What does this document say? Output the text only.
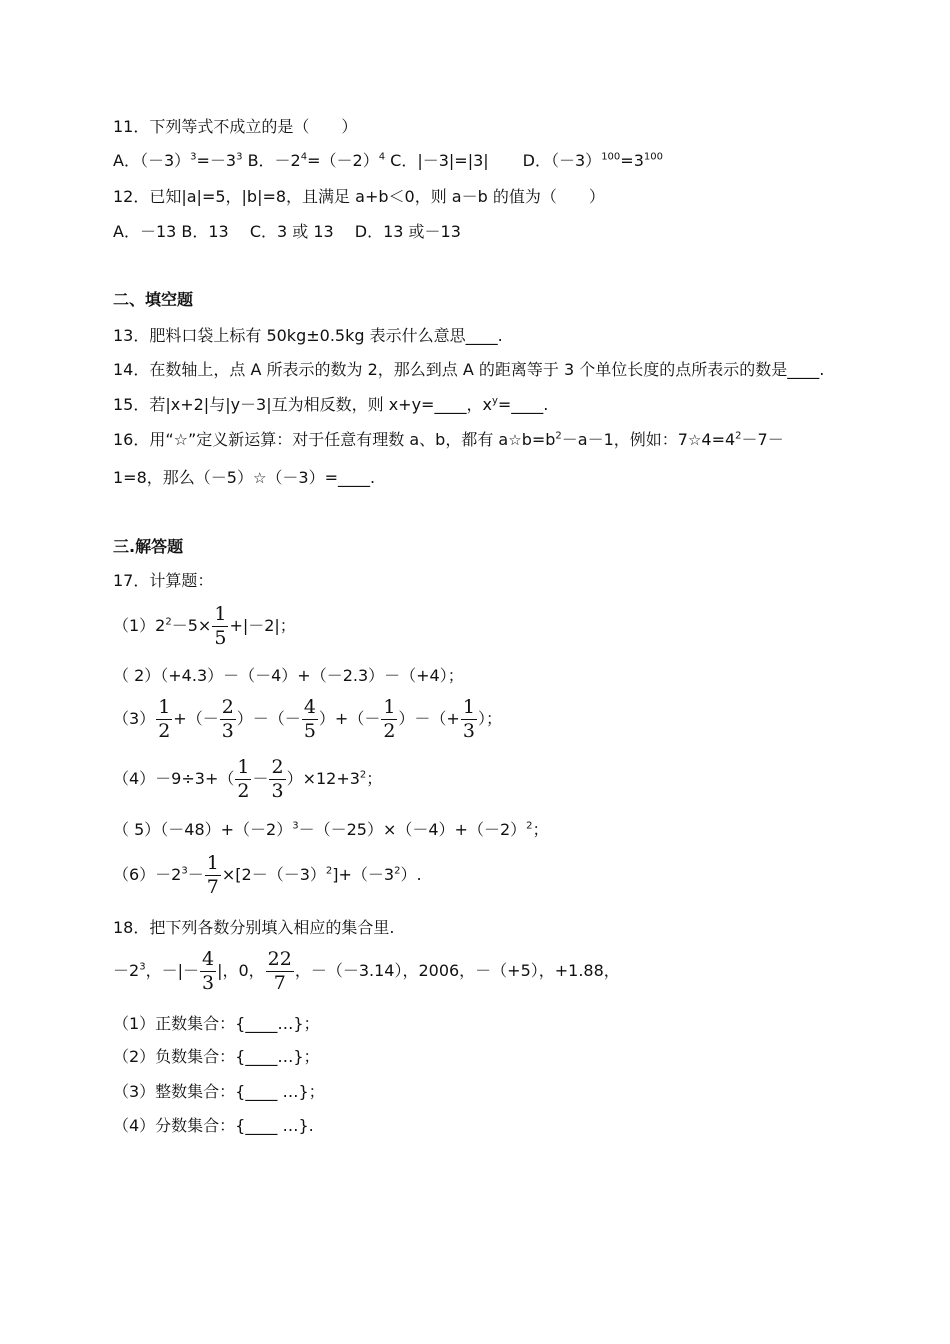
11．下列等式不成立的是（　　）
A．$(-3)^3=-3^3$ B．$-2^4=(-2)^4$ C．|－3|=|3| D．$(-3)^{100}=3^{100}$
12．已知|a|=5，|b|=8，且满足 a+b＜0，则 a－b 的值为（　　）
A．－13 B．13　 C．3 或 13　 D．13 或－13
二、填空题
13．肥料口袋上标有 50kg±0.5kg 表示什么意思____.
14．在数轴上，点 A 所表示的数为 2，那么到点 A 的距离等于 3 个单位长度的点所表示的数是____.
15．若|x+2|与|y－3|互为相反数，则 x+y=____，$x^y=\_\_\_\_$.
16．用“☆”定义新运算：对于任意有理数 a、b，都有 $a☆b=b^2-a-1$，例如：$7☆4=4^2-7-$
1=8，那么（－5）☆（－3）=____.
三.解答题
17．计算题：
$(1)2^2-5\times \frac{1}{5} +|-2|$；
（ 2）（+4.3）－（－4）+（－2.3）－（+4）；
$(3) \frac{1}{2}$ +（－ $\frac{2}{3}$ ）－（－ $\frac{4}{5}$ ）+（－ $\frac{1}{2}$ ）－（+ $\frac{1}{3}$ ）；
$(4)-9\div 3+( \frac{1}{2} - \frac{2}{3} )\times 12+3^2$；
（ $5)(-48)+(-2)^3-(-25)\times(-4)+(-2)^2$；
$(6)-2^3- \frac{1}{7} \times[2-(-3)^2]+(-3^2)$.
18．把下列各数分别填入相应的集合里.
$-2^3$，－|－ $\frac{4}{3}$ |，0， $\frac{22}{7}$ ，－（－3.14），2006，－（+5），+1.88，
（1）正数集合：{____…}；
（2）负数集合：{____…}；
（3）整数集合：{____ …}；
（4）分数集合：{____ …}.
